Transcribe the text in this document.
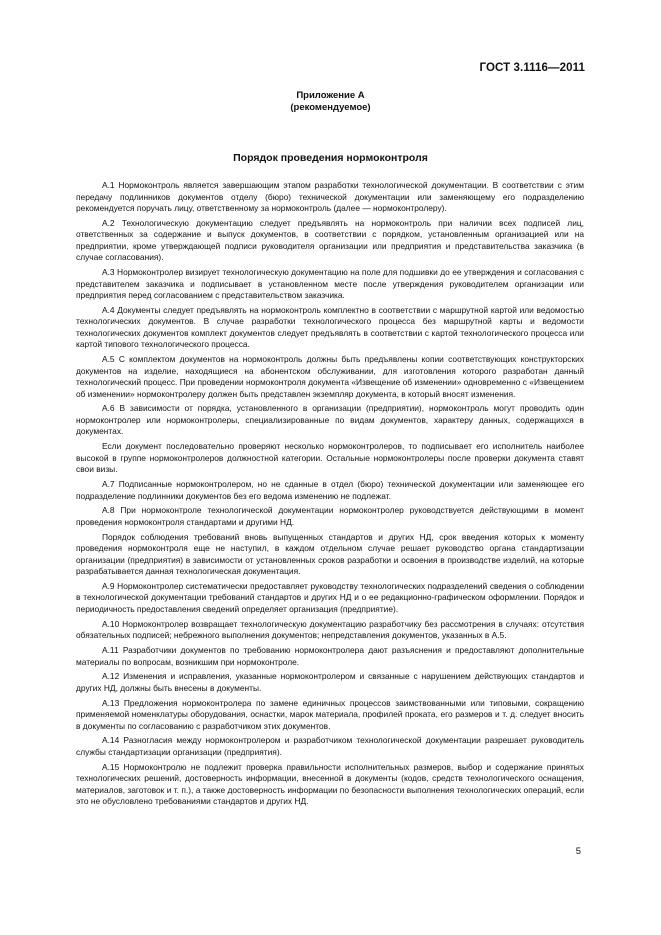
ГОСТ 3.1116—2011
Приложение А
(рекомендуемое)
Порядок проведения нормоконтроля

А.1 Нормоконтроль является завершающим этапом разработки технологической документации. В соответствии с этим передачу подлинников документов отделу (бюро) технической документации или заменяющему его подразделению рекомендуется поручать лицу, ответственному за нормоконтроль (далее — нормоконтролеру).

А.2 Технологическую документацию следует предъявлять на нормоконтроль при наличии всех подписей лиц, ответственных за содержание и выпуск документов, в соответствии с порядком, установленным организацией или на предприятии, кроме утверждающей подписи руководителя организации или предприятия и представительства заказчика (в случае согласования).

А.3 Нормоконтролер визирует технологическую документацию на поле для подшивки до ее утверждения и согласования с представителем заказчика и подписывает в установленном месте после утверждения руководителем организации или предприятия перед согласованием с представительством заказчика.

А.4 Документы следует предъявлять на нормоконтроль комплектно в соответствии с маршрутной картой или ведомостью технологических документов. В случае разработки технологического процесса без маршрутной карты и ведомости технологических документов комплект документов следует предъявлять в соответствии с картой технологического процесса или картой типового технологического процесса.

А.5 С комплектом документов на нормоконтроль должны быть предъявлены копии соответствующих конструкторских документов на изделие, находящиеся на абонентском обслуживании, для изготовления которого разработан данный технологический процесс. При проведении нормоконтроля документа «Извещение об изменении» одновременно с «Извещением об изменении» нормоконтролеру должен быть представлен экземпляр документа, в который вносят изменения.

А.6 В зависимости от порядка, установленного в организации (предприятии), нормоконтроль могут проводить один нормоконтролер или нормоконтролеры, специализированные по видам документов, характеру данных, содержащихся в документах.

Если документ последовательно проверяют несколько нормоконтролеров, то подписывает его исполнитель наиболее высокой в группе нормоконтролеров должностной категории. Остальные нормоконтролеры после проверки документа ставят свои визы.

А.7 Подписанные нормоконтролером, но не сданные в отдел (бюро) технической документации или заменяющее его подразделение подлинники документов без его ведома изменению не подлежат.

А.8 При нормоконтроле технологической документации нормоконтролер руководствуется действующими в момент проведения нормоконтроля стандартами и другими НД.

Порядок соблюдения требований вновь выпущенных стандартов и других НД, срок введения которых к моменту проведения нормоконтроля еще не наступил, в каждом отдельном случае решает руководство органа стандартизации организации (предприятия) в зависимости от установленных сроков разработки и освоения в производстве изделий, на которые разрабатывается данная технологическая документация.

А.9 Нормоконтролер систематически предоставляет руководству технологических подразделений сведения о соблюдении в технологической документации требований стандартов и других НД и о ее редакционно-графическом оформлении. Порядок и периодичность предоставления сведений определяет организация (предприятие).

А.10 Нормоконтролер возвращает технологическую документацию разработчику без рассмотрения в случаях: отсутствия обязательных подписей; небрежного выполнения документов; непредставления документов, указанных в А.5.

А.11 Разработчики документов по требованию нормоконтролера дают разъяснения и предоставляют дополнительные материалы по вопросам, возникшим при нормоконтроле.

А.12 Изменения и исправления, указанные нормоконтролером и связанные с нарушением действующих стандартов и других НД, должны быть внесены в документы.

А.13 Предложения нормоконтролера по замене единичных процессов заимствованными или типовыми, сокращению применяемой номенклатуры оборудования, оснастки, марок материала, профилей проката, его размеров и т. д. следует вносить в документы по согласованию с разработчиком этих документов.

А.14 Разногласия между нормоконтролером и разработчиком технологической документации разрешает руководитель службы стандартизации организации (предприятия).

А.15 Нормоконтролю не подлежит проверка правильности исполнительных размеров, выбор и содержание принятых технологических решений, достоверность информации, внесенной в документы (кодов, средств технологического оснащения, материалов, заготовок и т. п.), а также достоверность информации по безопасности выполнения технологических операций, если это не обусловлено требованиями стандартов и других НД.

5
